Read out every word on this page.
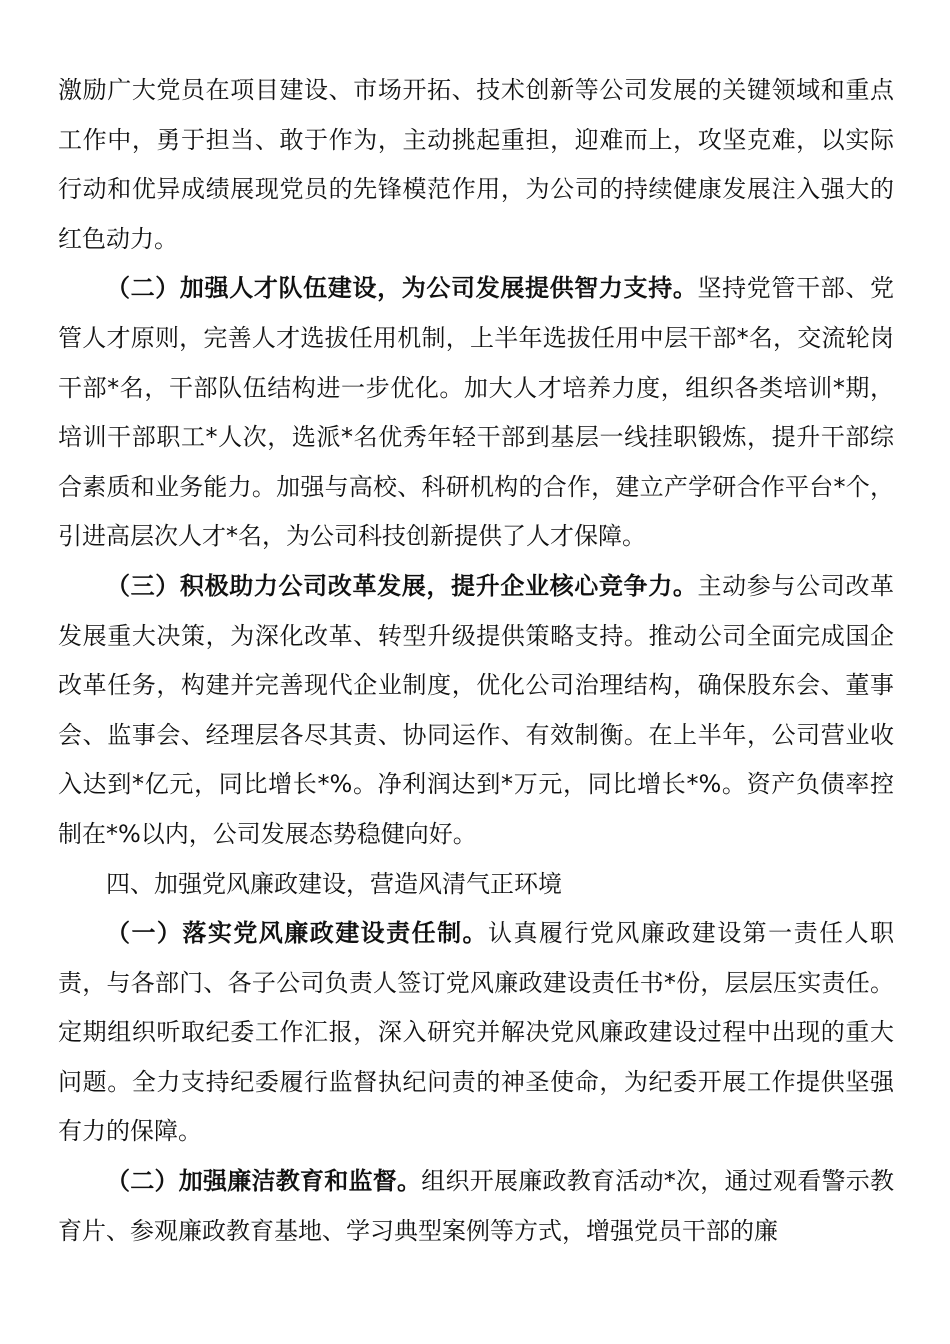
激励广大党员在项目建设、市场开拓、技术创新等公司发展的关键领域和重点工作中，勇于担当、敢于作为，主动挑起重担，迎难而上，攻坚克难，以实际行动和优异成绩展现党员的先锋模范作用，为公司的持续健康发展注入强大的红色动力。

（二）加强人才队伍建设，为公司发展提供智力支持。坚持党管干部、党管人才原则，完善人才选拔任用机制，上半年选拔任用中层干部*名，交流轮岗干部*名，干部队伍结构进一步优化。加大人才培养力度，组织各类培训*期，培训干部职工*人次，选派*名优秀年轻干部到基层一线挂职锻炼，提升干部综合素质和业务能力。加强与高校、科研机构的合作，建立产学研合作平台*个，引进高层次人才*名，为公司科技创新提供了人才保障。

（三）积极助力公司改革发展，提升企业核心竞争力。主动参与公司改革发展重大决策，为深化改革、转型升级提供策略支持。推动公司全面完成国企改革任务，构建并完善现代企业制度，优化公司治理结构，确保股东会、董事会、监事会、经理层各尽其责、协同运作、有效制衡。在上半年，公司营业收入达到*亿元，同比增长*%。净利润达到*万元，同比增长*%。资产负债率控制在*%以内，公司发展态势稳健向好。

四、加强党风廉政建设，营造风清气正环境

（一）落实党风廉政建设责任制。认真履行党风廉政建设第一责任人职责，与各部门、各子公司负责人签订党风廉政建设责任书*份，层层压实责任。定期组织听取纪委工作汇报，深入研究并解决党风廉政建设过程中出现的重大问题。全力支持纪委履行监督执纪问责的神圣使命，为纪委开展工作提供坚强有力的保障。

（二）加强廉洁教育和监督。组织开展廉政教育活动*次，通过观看警示教育片、参观廉政教育基地、学习典型案例等方式，增强党员干部的廉
